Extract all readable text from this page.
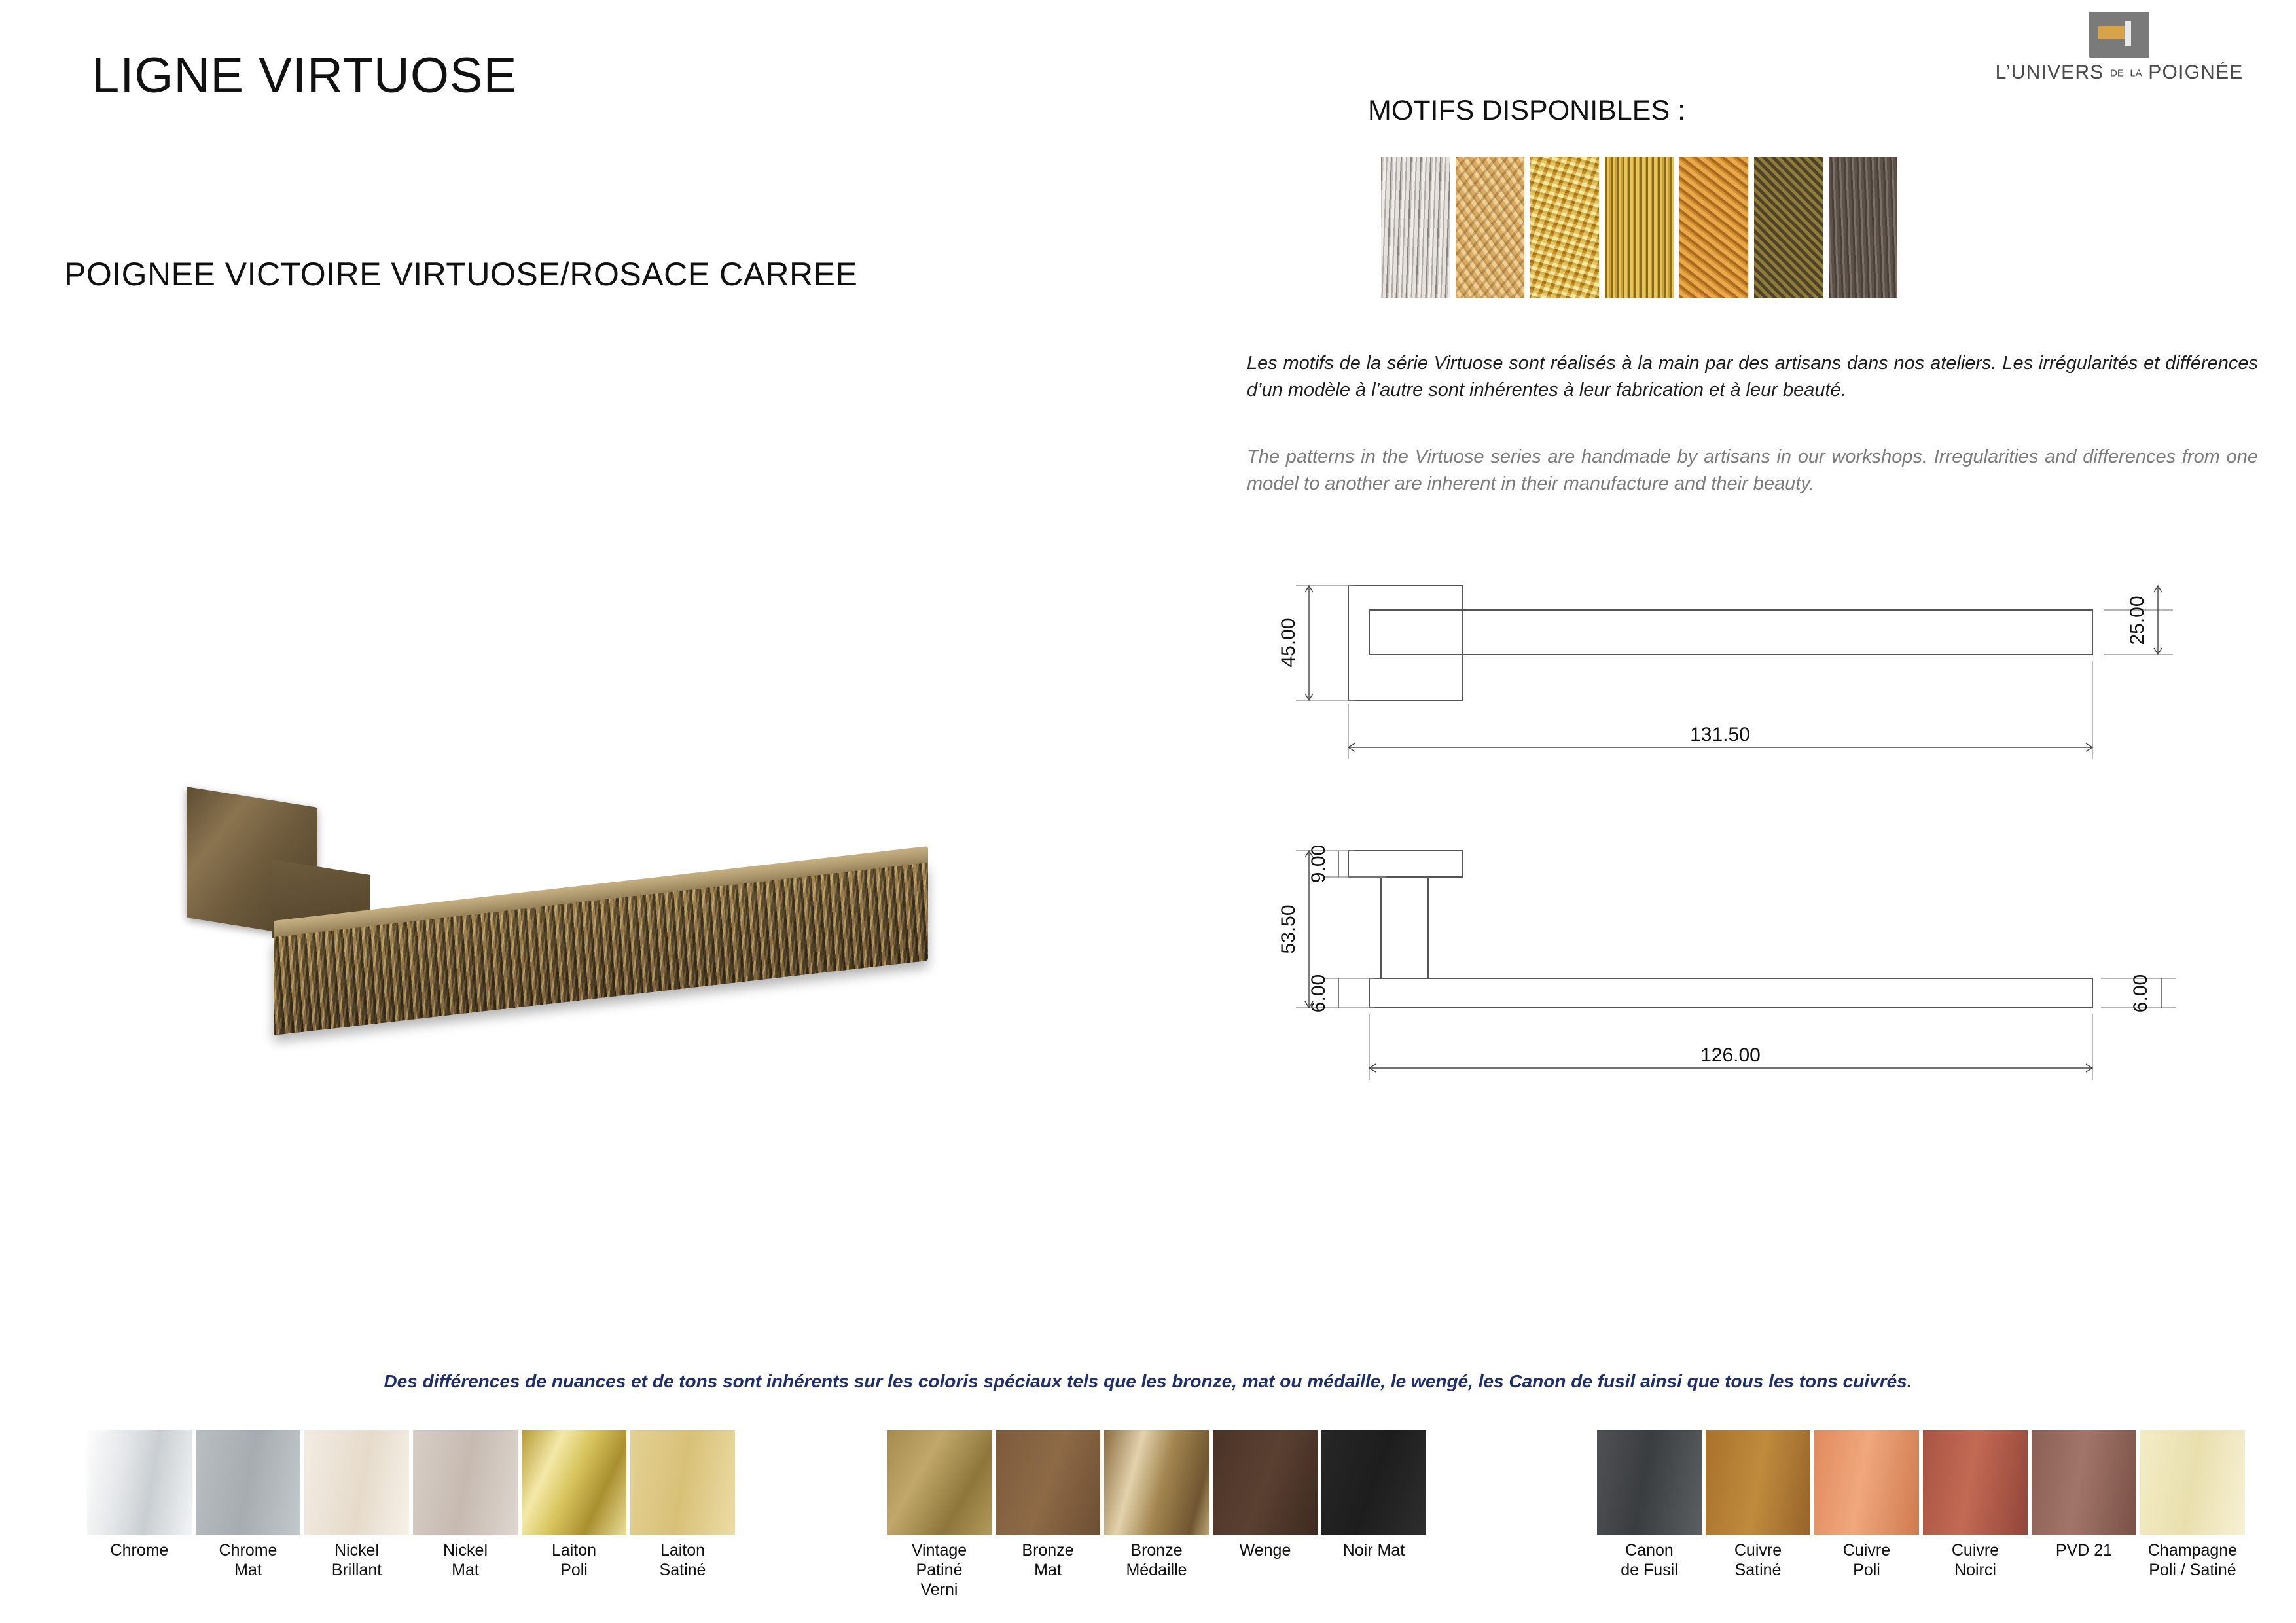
LIGNE VIRTUOSE
POIGNEE VICTOIRE VIRTUOSE/ROSACE CARREE
L’UNIVERS DE LA POIGNÉE
MOTIFS DISPONIBLES :
Les motifs de la série Virtuose sont réalisés à la main par des artisans dans nos ateliers. Les irrégularités et différences d’un modèle à l’autre sont inhérentes à leur fabrication et à leur beauté.
The patterns in the Virtuose series are handmade by artisans in our workshops. Irregularities and differences from one model to another are inherent in their manufacture and their beauty.
45.00	25.00
131.50
9.00
6.00
53.50
6.00
126.00
Des différences de nuances et de tons sont inhérents sur les coloris spéciaux tels que les bronze, mat ou médaille, le wengé, les Canon de fusil ainsi que tous les tons cuivrés.
Chrome	Chrome
Mat
Nickel
Brillant
Nickel
Mat
Laiton
Poli
Laiton
Satiné
Vintage Patiné
Verni
Bronze
Mat
Bronze
Médaille
Wenge	Noir Mat	Canon
de Fusil
Cuivre
Satiné
Cuivre
Poli
Cuivre
Noirci
PVD 21	Champagne
Poli / Satiné
